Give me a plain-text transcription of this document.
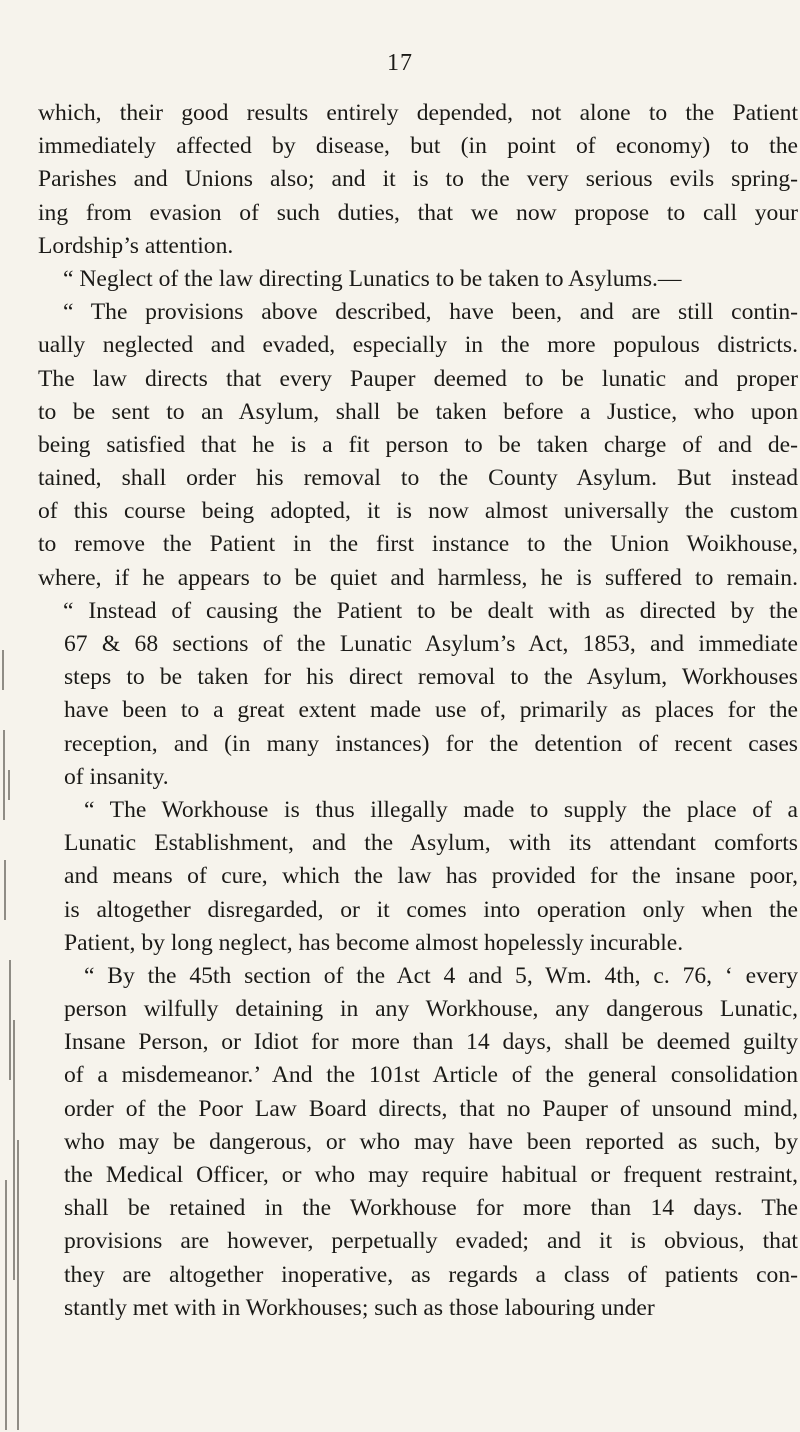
17
which, their good results entirely depended, not alone to the Patient
immediately affected by disease, but (in point of economy) to the
Parishes and Unions also; and it is to the very serious evils spring-
ing from evasion of such duties, that we now propose to call your
Lordship’s attention.
“ Neglect of the law directing Lunatics to be taken to Asylums.—
“ The provisions above described, have been, and are still contin-
ually neglected and evaded, especially in the more populous districts.
The law directs that every Pauper deemed to be lunatic and proper
to be sent to an Asylum, shall be taken before a Justice, who upon
being satisfied that he is a fit person to be taken charge of and de-
tained, shall order his removal to the County Asylum. But instead
of this course being adopted, it is now almost universally the custom
to remove the Patient in the first instance to the Union Woikhouse,
where, if he appears to be quiet and harmless, he is suffered to remain.
“ Instead of causing the Patient to be dealt with as directed by the
67 & 68 sections of the Lunatic Asylum’s Act, 1853, and immediate
steps to be taken for his direct removal to the Asylum, Workhouses
have been to a great extent made use of, primarily as places for the
reception, and (in many instances) for the detention of recent cases
of insanity.
“ The Workhouse is thus illegally made to supply the place of a
Lunatic Establishment, and the Asylum, with its attendant comforts
and means of cure, which the law has provided for the insane poor,
is altogether disregarded, or it comes into operation only when the
Patient, by long neglect, has become almost hopelessly incurable.
“ By the 45th section of the Act 4 and 5, Wm. 4th, c. 76, ‘ every
person wilfully detaining in any Workhouse, any dangerous Lunatic,
Insane Person, or Idiot for more than 14 days, shall be deemed guilty
of a misdemeanor.’ And the 101st Article of the general consolidation
order of the Poor Law Board directs, that no Pauper of unsound mind,
who may be dangerous, or who may have been reported as such, by
the Medical Officer, or who may require habitual or frequent restraint,
shall be retained in the Workhouse for more than 14 days. The
provisions are however, perpetually evaded; and it is obvious, that
they are altogether inoperative, as regards a class of patients con-
stantly met with in Workhouses; such as those labouring under
